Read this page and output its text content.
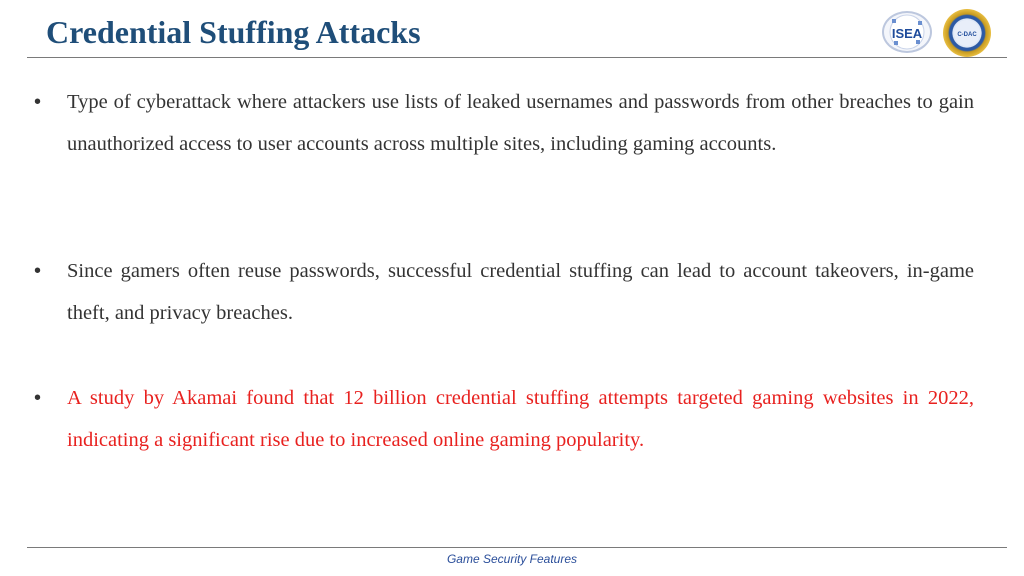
Credential Stuffing Attacks	ISEA	C-DAC
• Type of cyberattack where attackers use lists of leaked usernames and passwords from other breaches to gain unauthorized access to user accounts across multiple sites, including gaming accounts.
• Since gamers often reuse passwords, successful credential stuffing can lead to account takeovers, in-game theft, and privacy breaches.
• A study by Akamai found that 12 billion credential stuffing attempts targeted gaming websites in 2022, indicating a significant rise due to increased online gaming popularity.
Game Security Features
